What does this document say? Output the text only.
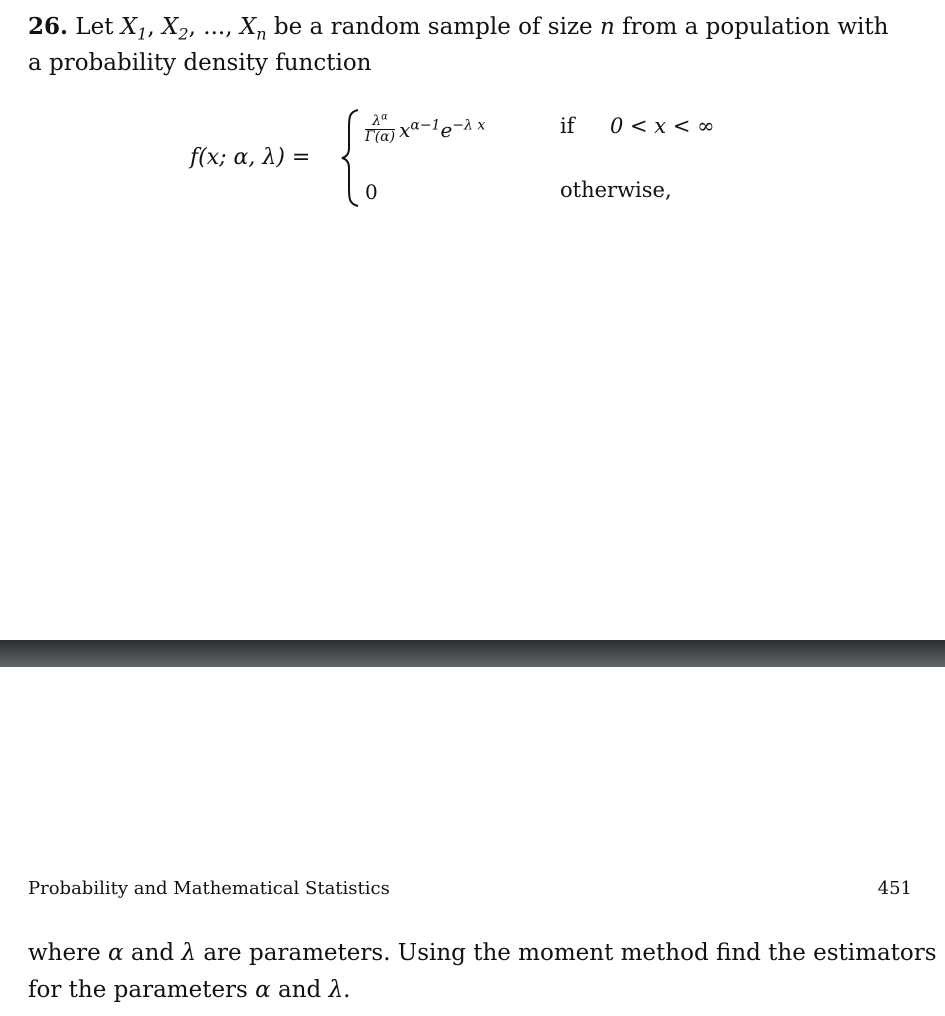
26. Let $X_1$, $X_2$, ..., $X_n$ be a random sample of size n from a population with
a probability density function
f(x; α, λ) =
$\frac{\lambda^\alpha}{\Gamma(\alpha)} x^{\alpha-1}e^{-\lambda x}$	if 0 < x < ∞
0	otherwise,
Probability and Mathematical Statistics	451
where α and λ are parameters. Using the moment method find the estimators
for the parameters α and λ.
